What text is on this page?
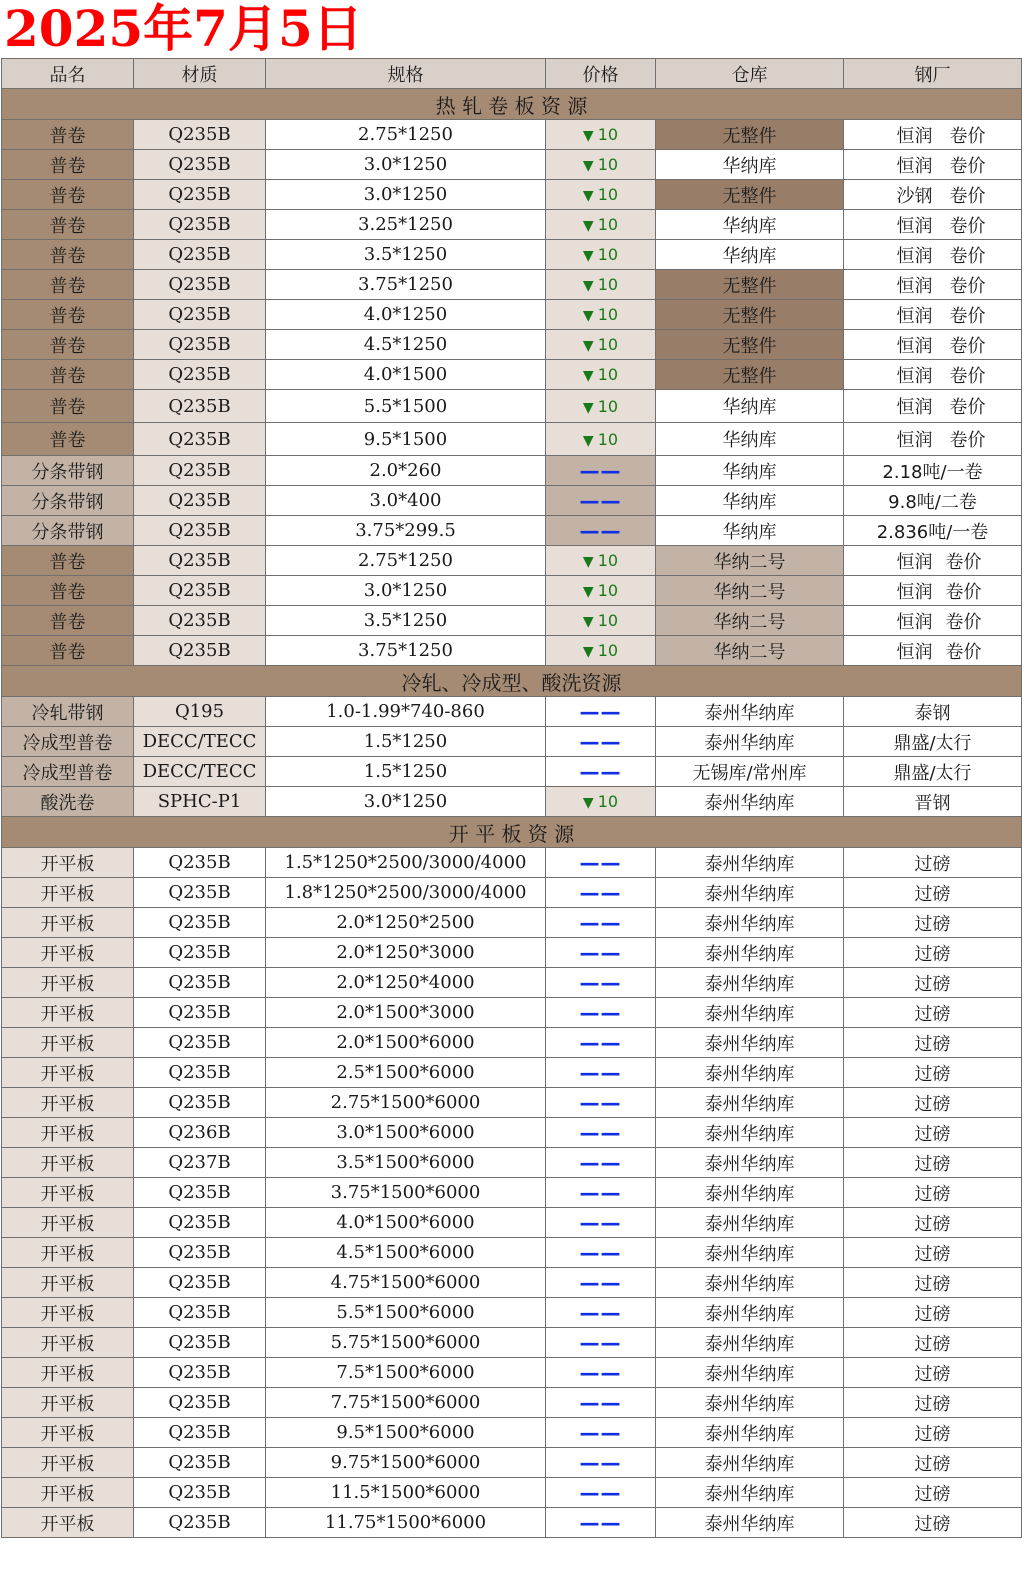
2025年7月5日
品名	材质	规格	价格	仓库	钢厂
热 轧 卷 板 资 源					
普卷	Q235B	2.75*1250	▼ 10	无整件	恒润 卷价
普卷	Q235B	3.0*1250	▼ 10	华纳库	恒润 卷价
普卷	Q235B	3.0*1250	▼ 10	无整件	沙钢 卷价
普卷	Q235B	3.25*1250	▼ 10	华纳库	恒润 卷价
普卷	Q235B	3.5*1250	▼ 10	华纳库	恒润 卷价
普卷	Q235B	3.75*1250	▼ 10	无整件	恒润 卷价
普卷	Q235B	4.0*1250	▼ 10	无整件	恒润 卷价
普卷	Q235B	4.5*1250	▼ 10	无整件	恒润 卷价
普卷	Q235B	4.0*1500	▼ 10	无整件	恒润 卷价
普卷	Q235B	5.5*1500	▼ 10	华纳库	恒润 卷价
普卷	Q235B	9.5*1500	▼ 10	华纳库	恒润 卷价
分条带钢	Q235B	2.0*260	——	华纳库	2.18吨/一卷
分条带钢	Q235B	3.0*400	——	华纳库	9.8吨/二卷
分条带钢	Q235B	3.75*299.5	——	华纳库	2.836吨/一卷
普卷	Q235B	2.75*1250	▼ 10	华纳二号	恒润 卷价
普卷	Q235B	3.0*1250	▼ 10	华纳二号	恒润 卷价
普卷	Q235B	3.5*1250	▼ 10	华纳二号	恒润 卷价
普卷	Q235B	3.75*1250	▼ 10	华纳二号	恒润 卷价
冷轧、冷成型、酸洗资源					
冷轧带钢	Q195	1.0-1.99*740-860	——	泰州华纳库	泰钢
冷成型普卷	DECC/TECC	1.5*1250	——	泰州华纳库	鼎盛/太行
冷成型普卷	DECC/TECC	1.5*1250	——	无锡库/常州库	鼎盛/太行
酸洗卷	SPHC-P1	3.0*1250	▼ 10	泰州华纳库	晋钢
开 平 板 资 源					
开平板	Q235B	1.5*1250*2500/3000/4000	——	泰州华纳库	过磅
开平板	Q235B	1.8*1250*2500/3000/4000	——	泰州华纳库	过磅
开平板	Q235B	2.0*1250*2500	——	泰州华纳库	过磅
开平板	Q235B	2.0*1250*3000	——	泰州华纳库	过磅
开平板	Q235B	2.0*1250*4000	——	泰州华纳库	过磅
开平板	Q235B	2.0*1500*3000	——	泰州华纳库	过磅
开平板	Q235B	2.0*1500*6000	——	泰州华纳库	过磅
开平板	Q235B	2.5*1500*6000	——	泰州华纳库	过磅
开平板	Q235B	2.75*1500*6000	——	泰州华纳库	过磅
开平板	Q236B	3.0*1500*6000	——	泰州华纳库	过磅
开平板	Q237B	3.5*1500*6000	——	泰州华纳库	过磅
开平板	Q235B	3.75*1500*6000	——	泰州华纳库	过磅
开平板	Q235B	4.0*1500*6000	——	泰州华纳库	过磅
开平板	Q235B	4.5*1500*6000	——	泰州华纳库	过磅
开平板	Q235B	4.75*1500*6000	——	泰州华纳库	过磅
开平板	Q235B	5.5*1500*6000	——	泰州华纳库	过磅
开平板	Q235B	5.75*1500*6000	——	泰州华纳库	过磅
开平板	Q235B	7.5*1500*6000	——	泰州华纳库	过磅
开平板	Q235B	7.75*1500*6000	——	泰州华纳库	过磅
开平板	Q235B	9.5*1500*6000	——	泰州华纳库	过磅
开平板	Q235B	9.75*1500*6000	——	泰州华纳库	过磅
开平板	Q235B	11.5*1500*6000	——	泰州华纳库	过磅
开平板	Q235B	11.75*1500*6000	——	泰州华纳库	过磅
